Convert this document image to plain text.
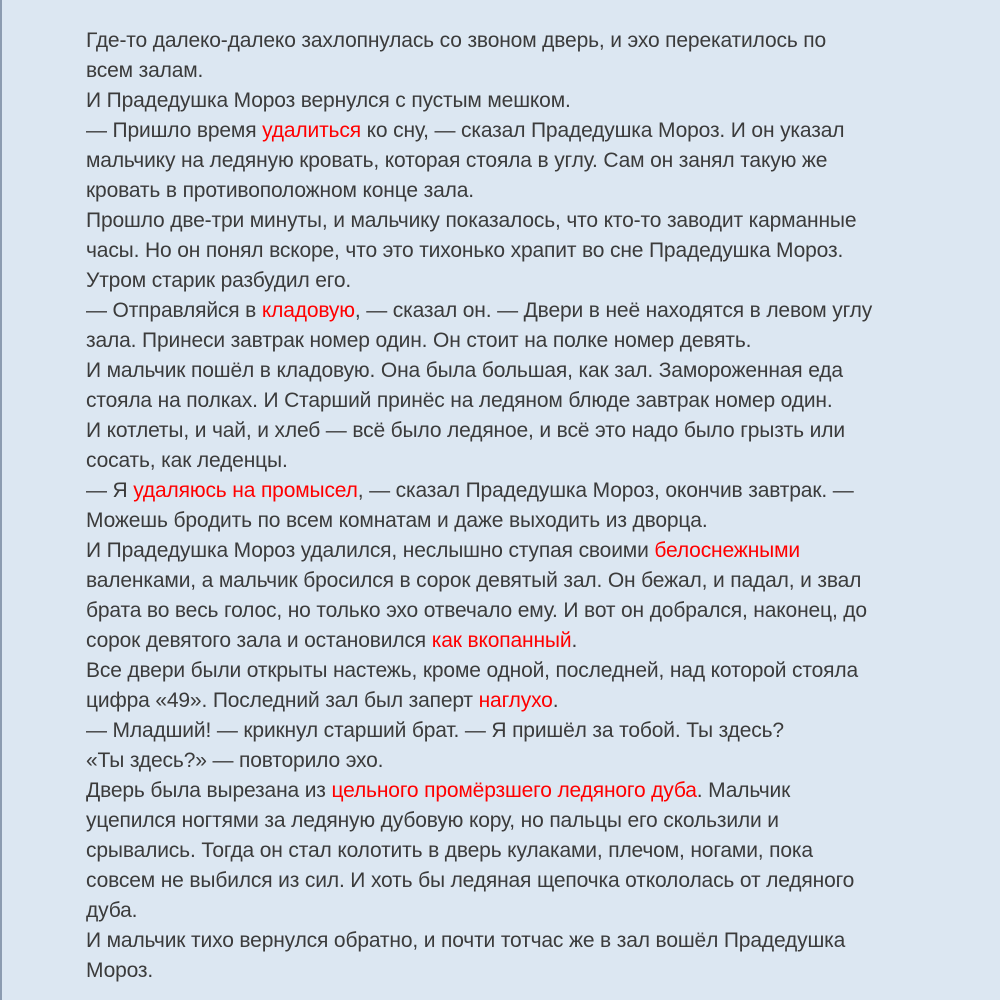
Где-то далеко-далеко захлопнулась со звоном дверь, и эхо перекатилось по
всем залам.
И Прадедушка Мороз вернулся с пустым мешком.
— Пришло время удалиться ко сну, — сказал Прадедушка Мороз. И он указал
мальчику на ледяную кровать, которая стояла в углу. Сам он занял такую же
кровать в противоположном конце зала.
Прошло две-три минуты, и мальчику показалось, что кто-то заводит карманные
часы. Но он понял вскоре, что это тихонько храпит во сне Прадедушка Мороз.
Утром старик разбудил его.
— Отправляйся в кладовую, — сказал он. — Двери в неё находятся в левом углу
зала. Принеси завтрак номер один. Он стоит на полке номер девять.
И мальчик пошёл в кладовую. Она была большая, как зал. Замороженная еда
стояла на полках. И Старший принёс на ледяном блюде завтрак номер один.
И котлеты, и чай, и хлеб — всё было ледяное, и всё это надо было грызть или
сосать, как леденцы.
— Я удаляюсь на промысел, — сказал Прадедушка Мороз, окончив завтрак. —
Можешь бродить по всем комнатам и даже выходить из дворца.
И Прадедушка Мороз удалился, неслышно ступая своими белоснежными
валенками, а мальчик бросился в сорок девятый зал. Он бежал, и падал, и звал
брата во весь голос, но только эхо отвечало ему. И вот он добрался, наконец, до
сорок девятого зала и остановился как вкопанный.
Все двери были открыты настежь, кроме одной, последней, над которой стояла
цифра «49». Последний зал был заперт наглухо.
— Младший! — крикнул старший брат. — Я пришёл за тобой. Ты здесь?
«Ты здесь?» — повторило эхо.
Дверь была вырезана из цельного промёрзшего ледяного дуба. Мальчик
уцепился ногтями за ледяную дубовую кору, но пальцы его скользили и
срывались. Тогда он стал колотить в дверь кулаками, плечом, ногами, пока
совсем не выбился из сил. И хоть бы ледяная щепочка откололась от ледяного
дуба.
И мальчик тихо вернулся обратно, и почти тотчас же в зал вошёл Прадедушка
Мороз.
